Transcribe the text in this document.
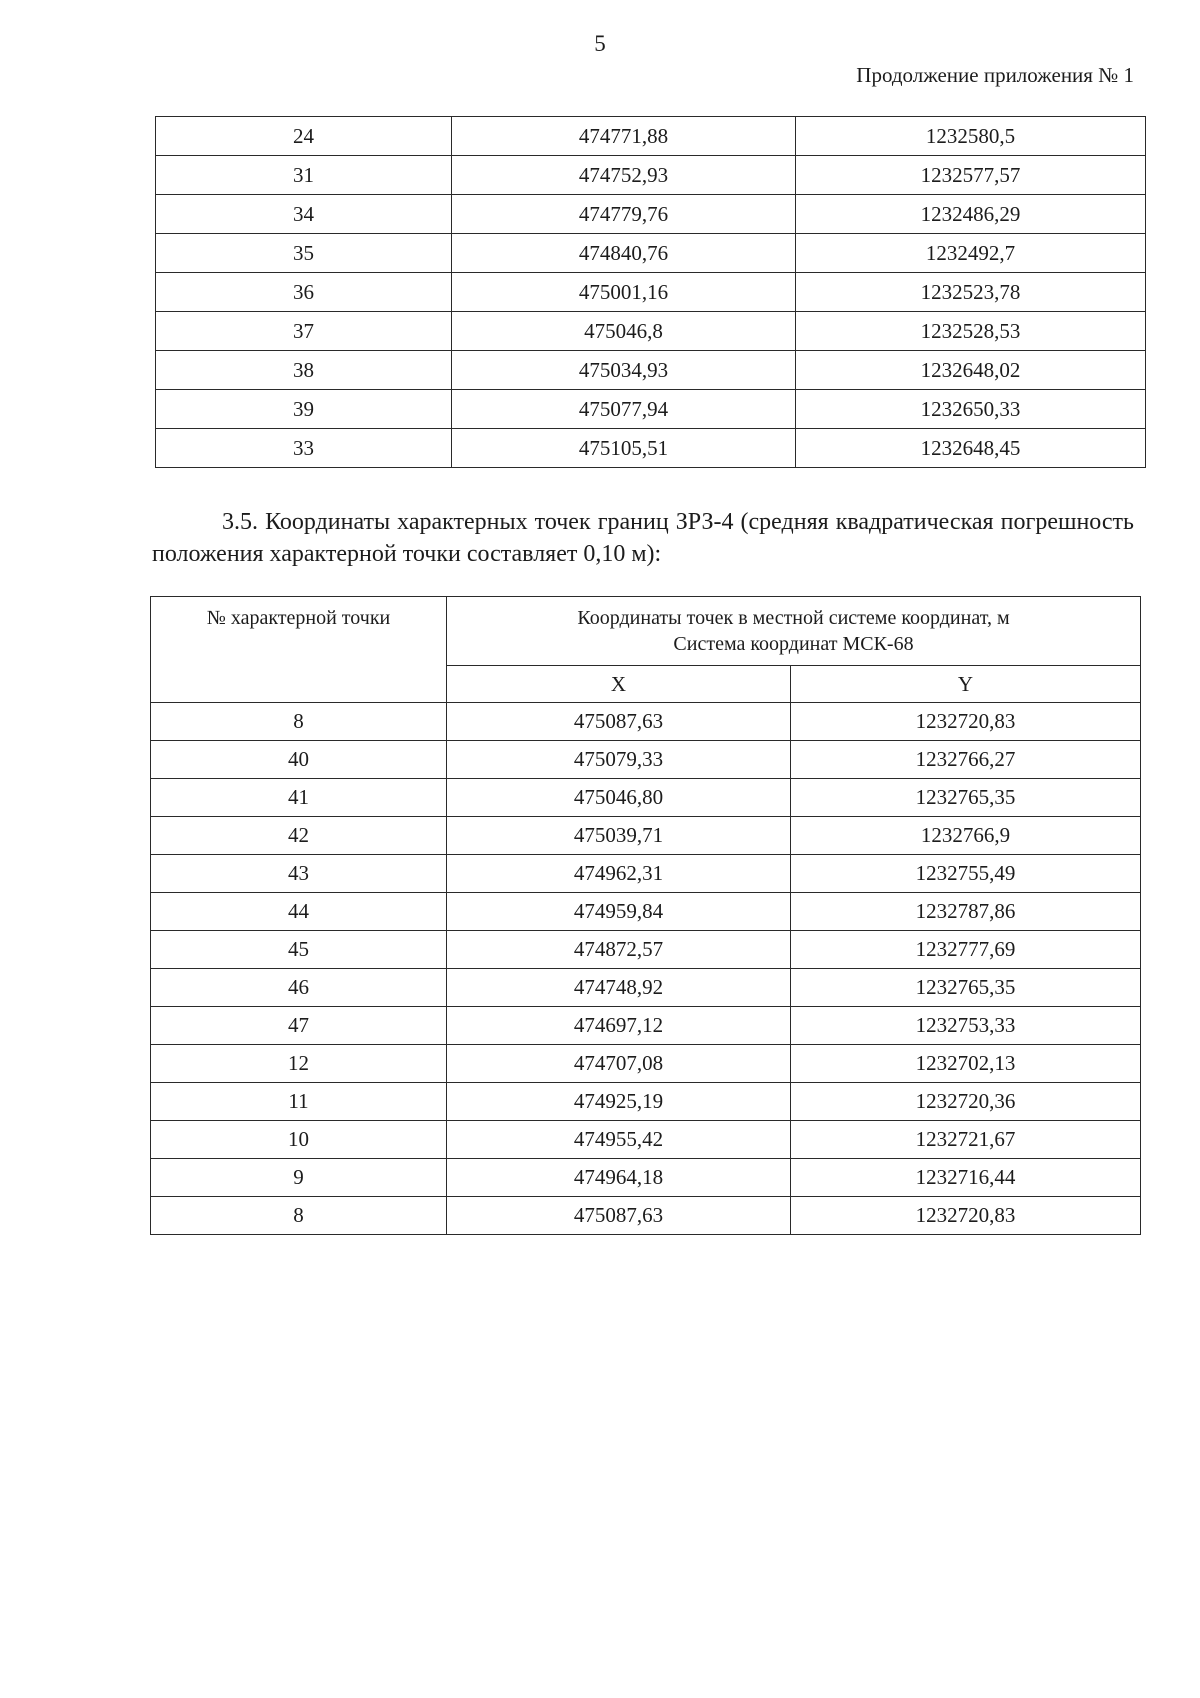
5
Продолжение приложения № 1
24	474771,88	1232580,5
31	474752,93	1232577,57
34	474779,76	1232486,29
35	474840,76	1232492,7
36	475001,16	1232523,78
37	475046,8	1232528,53
38	475034,93	1232648,02
39	475077,94	1232650,33
33	475105,51	1232648,45
3.5. Координаты характерных точек границ ЗРЗ-4 (средняя квадратическая погрешность положения характерной точки составляет 0,10 м):
№ характерной точки	Координаты точек в местной системе координат, м
Система координат МСК-68	

	X	Y
8	475087,63	1232720,83
40	475079,33	1232766,27
41	475046,80	1232765,35
42	475039,71	1232766,9
43	474962,31	1232755,49
44	474959,84	1232787,86
45	474872,57	1232777,69
46	474748,92	1232765,35
47	474697,12	1232753,33
12	474707,08	1232702,13
11	474925,19	1232720,36
10	474955,42	1232721,67
9	474964,18	1232716,44
8	475087,63	1232720,83
